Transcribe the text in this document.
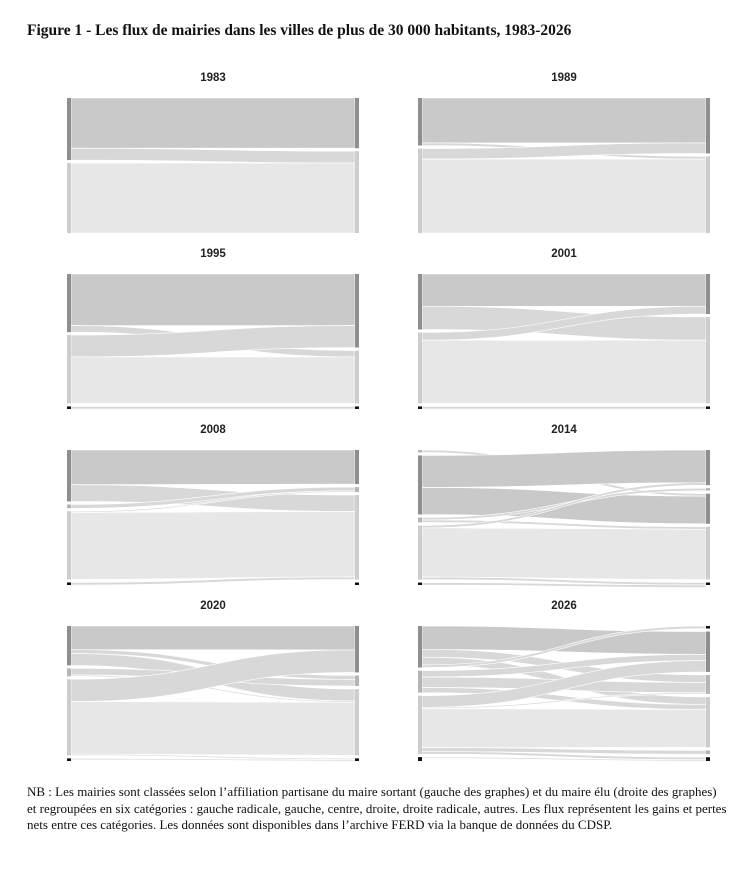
Figure 1 - Les flux de mairies dans les villes de plus de 30 000 habitants, 1983-2026
1983	1989
1995	2001
2008	2014
2020	2026
NB : Les mairies sont classées selon l’affiliation partisane du maire sortant (gauche des graphes) et du maire élu (droite des graphes) et regroupées en six catégories : gauche radicale, gauche, centre, droite, droite radicale, autres. Les flux représentent les gains et pertes nets entre ces catégories. Les données sont disponibles dans l’archive FERD via la banque de données du CDSP.
